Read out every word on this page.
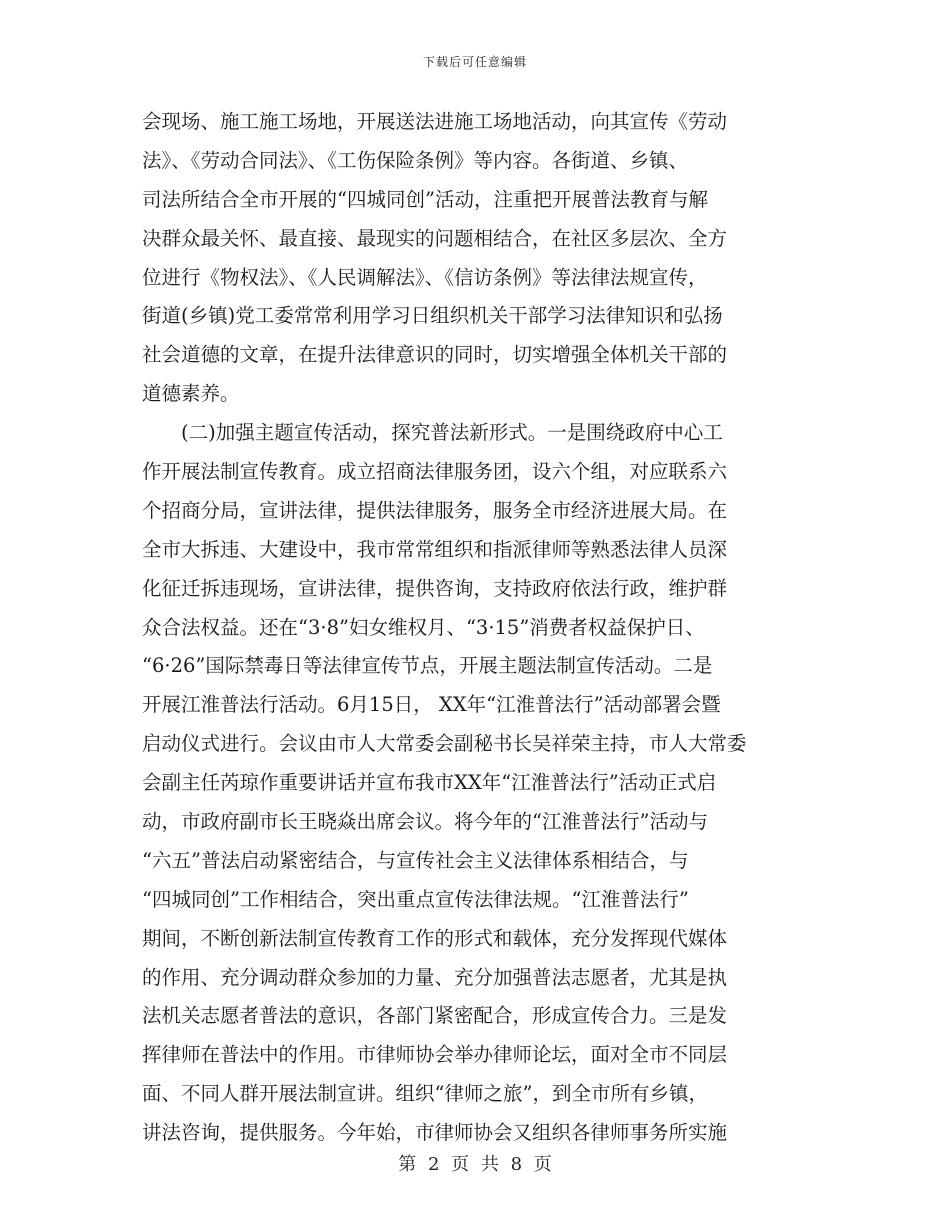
下载后可任意编辑
会现场、施工施工场地，开展送法进施工场地活动，向其宣传《劳动
法》、《劳动合同法》、《工伤保险条例》等内容。各街道、乡镇、
司法所结合全市开展的“四城同创”活动，注重把开展普法教育与解
决群众最关怀、最直接、最现实的问题相结合，在社区多层次、全方
位进行《物权法》、《人民调解法》、《信访条例》等法律法规宣传，
街道(乡镇)党工委常常利用学习日组织机关干部学习法律知识和弘扬
社会道德的文章，在提升法律意识的同时，切实增强全体机关干部的
道德素养。
　　(二)加强主题宣传活动，探究普法新形式。一是围绕政府中心工
作开展法制宣传教育。成立招商法律服务团，设六个组，对应联系六
个招商分局，宣讲法律，提供法律服务，服务全市经济进展大局。在
全市大拆违、大建设中，我市常常组织和指派律师等熟悉法律人员深
化征迁拆违现场，宣讲法律，提供咨询，支持政府依法行政，维护群
众合法权益。还在“3·8”妇女维权月、“3·15”消费者权益保护日、
“6·26”国际禁毒日等法律宣传节点，开展主题法制宣传活动。二是
开展江淮普法行活动。6月15日， XX年“江淮普法行”活动部署会暨
启动仪式进行。会议由市人大常委会副秘书长吴祥荣主持，市人大常委
会副主任芮琼作重要讲话并宣布我市XX年“江淮普法行”活动正式启
动，市政府副市长王晓焱出席会议。将今年的“江淮普法行”活动与
“六五”普法启动紧密结合，与宣传社会主义法律体系相结合，与
“四城同创”工作相结合，突出重点宣传法律法规。“江淮普法行”
期间，不断创新法制宣传教育工作的形式和载体，充分发挥现代媒体
的作用、充分调动群众参加的力量、充分加强普法志愿者，尤其是执
法机关志愿者普法的意识，各部门紧密配合，形成宣传合力。三是发
挥律师在普法中的作用。市律师协会举办律师论坛，面对全市不同层
面、不同人群开展法制宣讲。组织“律师之旅”，到全市所有乡镇，
讲法咨询，提供服务。今年始，市律师协会又组织各律师事务所实施
第 2 页 共 8 页
